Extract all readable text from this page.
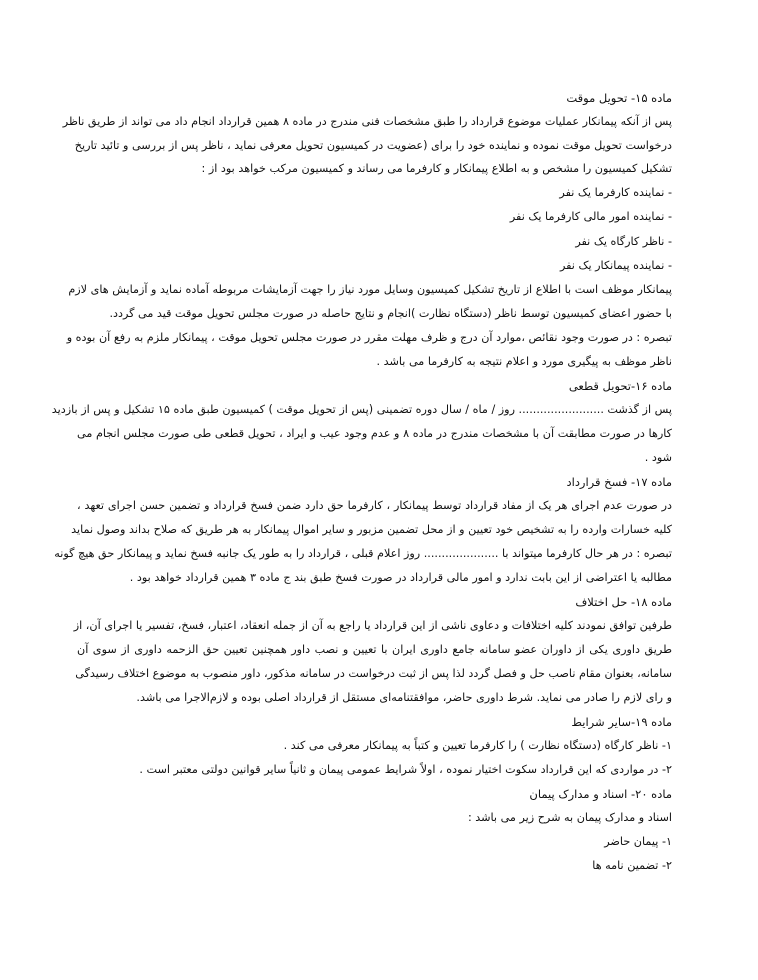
ماده ۱۵- تحویل موقت
پس از آنکه پیمانکار عملیات موضوع قرارداد را طبق مشخصات فنی مندرج در ماده ۸ همین قرارداد انجام داد می تواند از طریق ناظر
درخواست تحویل موقت نموده و نماینده خود را برای (عضویت در کمیسیون تحویل معرفی نماید ، ناظر پس از بررسی و تائید تاریخ
تشکیل کمیسیون را مشخص و به اطلاع پیمانکار و کارفرما می رساند و کمیسیون مرکب خواهد بود از :
- نماینده کارفرما یک نفر
- نماینده امور مالی کارفرما یک نفر
- ناظر کارگاه یک نفر
- نماینده پیمانکار یک نفر
پیمانکار موظف است با اطلاع از تاریخ تشکیل کمیسیون وسایل مورد نیاز را جهت آزمایشات مربوطه آماده نماید و آزمایش های لازم
با حضور اعضای کمیسیون توسط ناظر (دستگاه نظارت )انجام و نتایج حاصله در صورت مجلس تحویل موقت قید می گردد.
تبصره : در صورت وجود نقائص ،موارد آن درج و ظرف مهلت مقرر در صورت مجلس تحویل موقت ، پیمانکار ملزم به رفع آن بوده و
ناظر موظف به پیگیری مورد و اعلام نتیجه به کارفرما می باشد .
ماده ۱۶-تحویل قطعی
پس از گذشت ........................ روز / ماه / سال دوره تضمینی (پس از تحویل موقت ) کمیسیون طبق ماده ۱۵ تشکیل و پس از بازدید
کارها در صورت مطابقت آن با مشخصات مندرج در ماده ۸ و عدم وجود عیب و ایراد ، تحویل قطعی طی صورت مجلس انجام می
شود .
ماده ۱۷- فسخ قرارداد
در صورت عدم اجرای هر یک از مفاد قرارداد توسط پیمانکار ، کارفرما حق دارد ضمن فسخ قرارداد و تضمین حسن اجرای تعهد ،
کلیه خسارات وارده را به تشخیص خود تعیین و از محل تضمین مزبور و سایر اموال پیمانکار به هر طریق که صلاح بداند وصول نماید
تبصره : در هر حال کارفرما میتواند با ..................... روز اعلام قبلی ، قرارداد را به طور یک جانبه فسخ نماید و پیمانکار حق هیچ گونه
مطالبه یا اعتراضی از این بابت ندارد و امور مالی قرارداد در صورت فسخ طبق بند ج ماده ۳ همین قرارداد خواهد بود .
ماده ۱۸- حل اختلاف
طرفین توافق نمودند کلیه اختلافات و دعاوی ناشی از این قرارداد یا راجع به آن از جمله انعقاد، اعتبار، فسخ، تفسیر یا اجرای آن، از
طریق داوری یکی از داوران عضو سامانه جامع داوری ایران با تعیین و نصب داور همچنین تعیین حق الزحمه داوری از سوی آن
سامانه، بعنوان مقام ناصب حل و فصل گردد لذا پس از ثبت درخواست در سامانه مذکور، داور منصوب به موضوع اختلاف رسیدگی
و رای لازم را صادر می نماید. شرط داوری حاضر، موافقتنامه‌ای مستقل از قرارداد اصلی بوده و لازم‌الاجرا می باشد.
ماده ۱۹-سایر شرایط
۱- ناظر کارگاه (دستگاه نظارت ) را کارفرما تعیین و کتباً به پیمانکار معرفی می کند .
۲- در مواردی که این قرارداد سکوت اختیار نموده ، اولاً شرایط عمومی پیمان و ثانیاً سایر قوانین دولتی معتبر است .
ماده ۲۰- اسناد و مدارک پیمان
اسناد و مدارک پیمان به شرح زیر می باشد :
۱- پیمان حاضر
۲- تضمین نامه ها
